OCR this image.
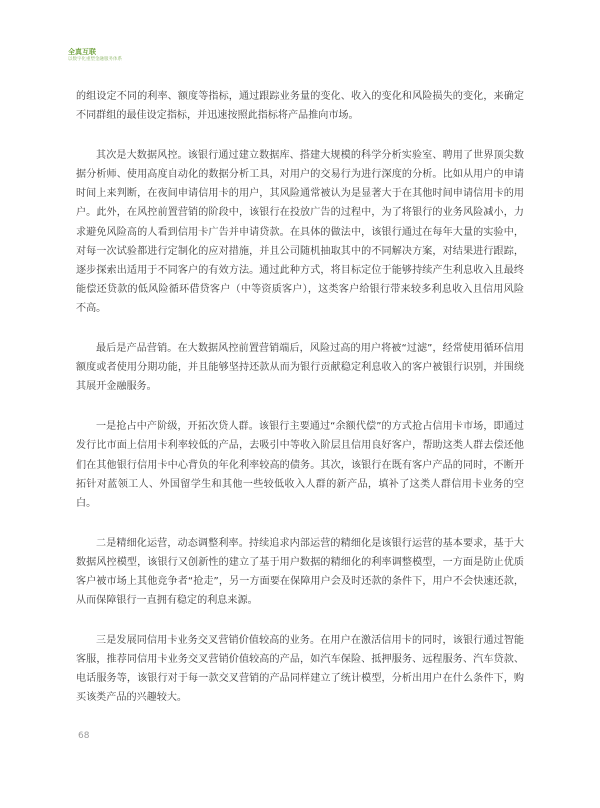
全真互联
以数字化重塑金融服务体系

的组设定不同的利率、额度等指标，通过跟踪业务量的变化、收入的变化和风险损失的变化，来确定不同群组的最佳设定指标，并迅速按照此指标将产品推向市场。

其次是大数据风控。该银行通过建立数据库、搭建大规模的科学分析实验室、聘用了世界顶尖数据分析师、使用高度自动化的数据分析工具，对用户的交易行为进行深度的分析。比如从用户的申请时间上来判断，在夜间申请信用卡的用户，其风险通常被认为是显著大于在其他时间申请信用卡的用户。此外，在风控前置营销的阶段中，该银行在投放广告的过程中，为了将银行的业务风险减小，力求避免风险高的人看到信用卡广告并申请贷款。在具体的做法中，该银行通过在每年大量的实验中，对每一次试验都进行定制化的应对措施，并且公司随机抽取其中的不同解决方案，对结果进行跟踪，逐步探索出适用于不同客户的有效方法。通过此种方式，将目标定位于能够持续产生利息收入且最终能偿还贷款的低风险循环借贷客户（中等资质客户），这类客户给银行带来较多利息收入且信用风险不高。

最后是产品营销。在大数据风控前置营销端后，风险过高的用户将被“过滤”，经常使用循环信用额度或者使用分期功能，并且能够坚持还款从而为银行贡献稳定利息收入的客户被银行识别，并围绕其展开金融服务。

一是抢占中产阶级，开拓次贷人群。该银行主要通过“余额代偿”的方式抢占信用卡市场，即通过发行比市面上信用卡利率较低的产品，去吸引中等收入阶层且信用良好客户，帮助这类人群去偿还他们在其他银行信用卡中心背负的年化利率较高的债务。其次，该银行在既有客户产品的同时，不断开拓针对蓝领工人、外国留学生和其他一些较低收入人群的新产品，填补了这类人群信用卡业务的空白。

二是精细化运营，动态调整利率。持续追求内部运营的精细化是该银行运营的基本要求，基于大数据风控模型，该银行又创新性的建立了基于用户数据的精细化的利率调整模型，一方面是防止优质客户被市场上其他竞争者“抢走”，另一方面要在保障用户会及时还款的条件下，用户不会快速还款，从而保障银行一直拥有稳定的利息来源。

三是发展同信用卡业务交叉营销价值较高的业务。在用户在激活信用卡的同时，该银行通过智能客服，推荐同信用卡业务交叉营销价值较高的产品，如汽车保险、抵押服务、远程服务、汽车贷款、电话服务等，该银行对于每一款交叉营销的产品同样建立了统计模型，分析出用户在什么条件下，购买该类产品的兴趣较大。

68
